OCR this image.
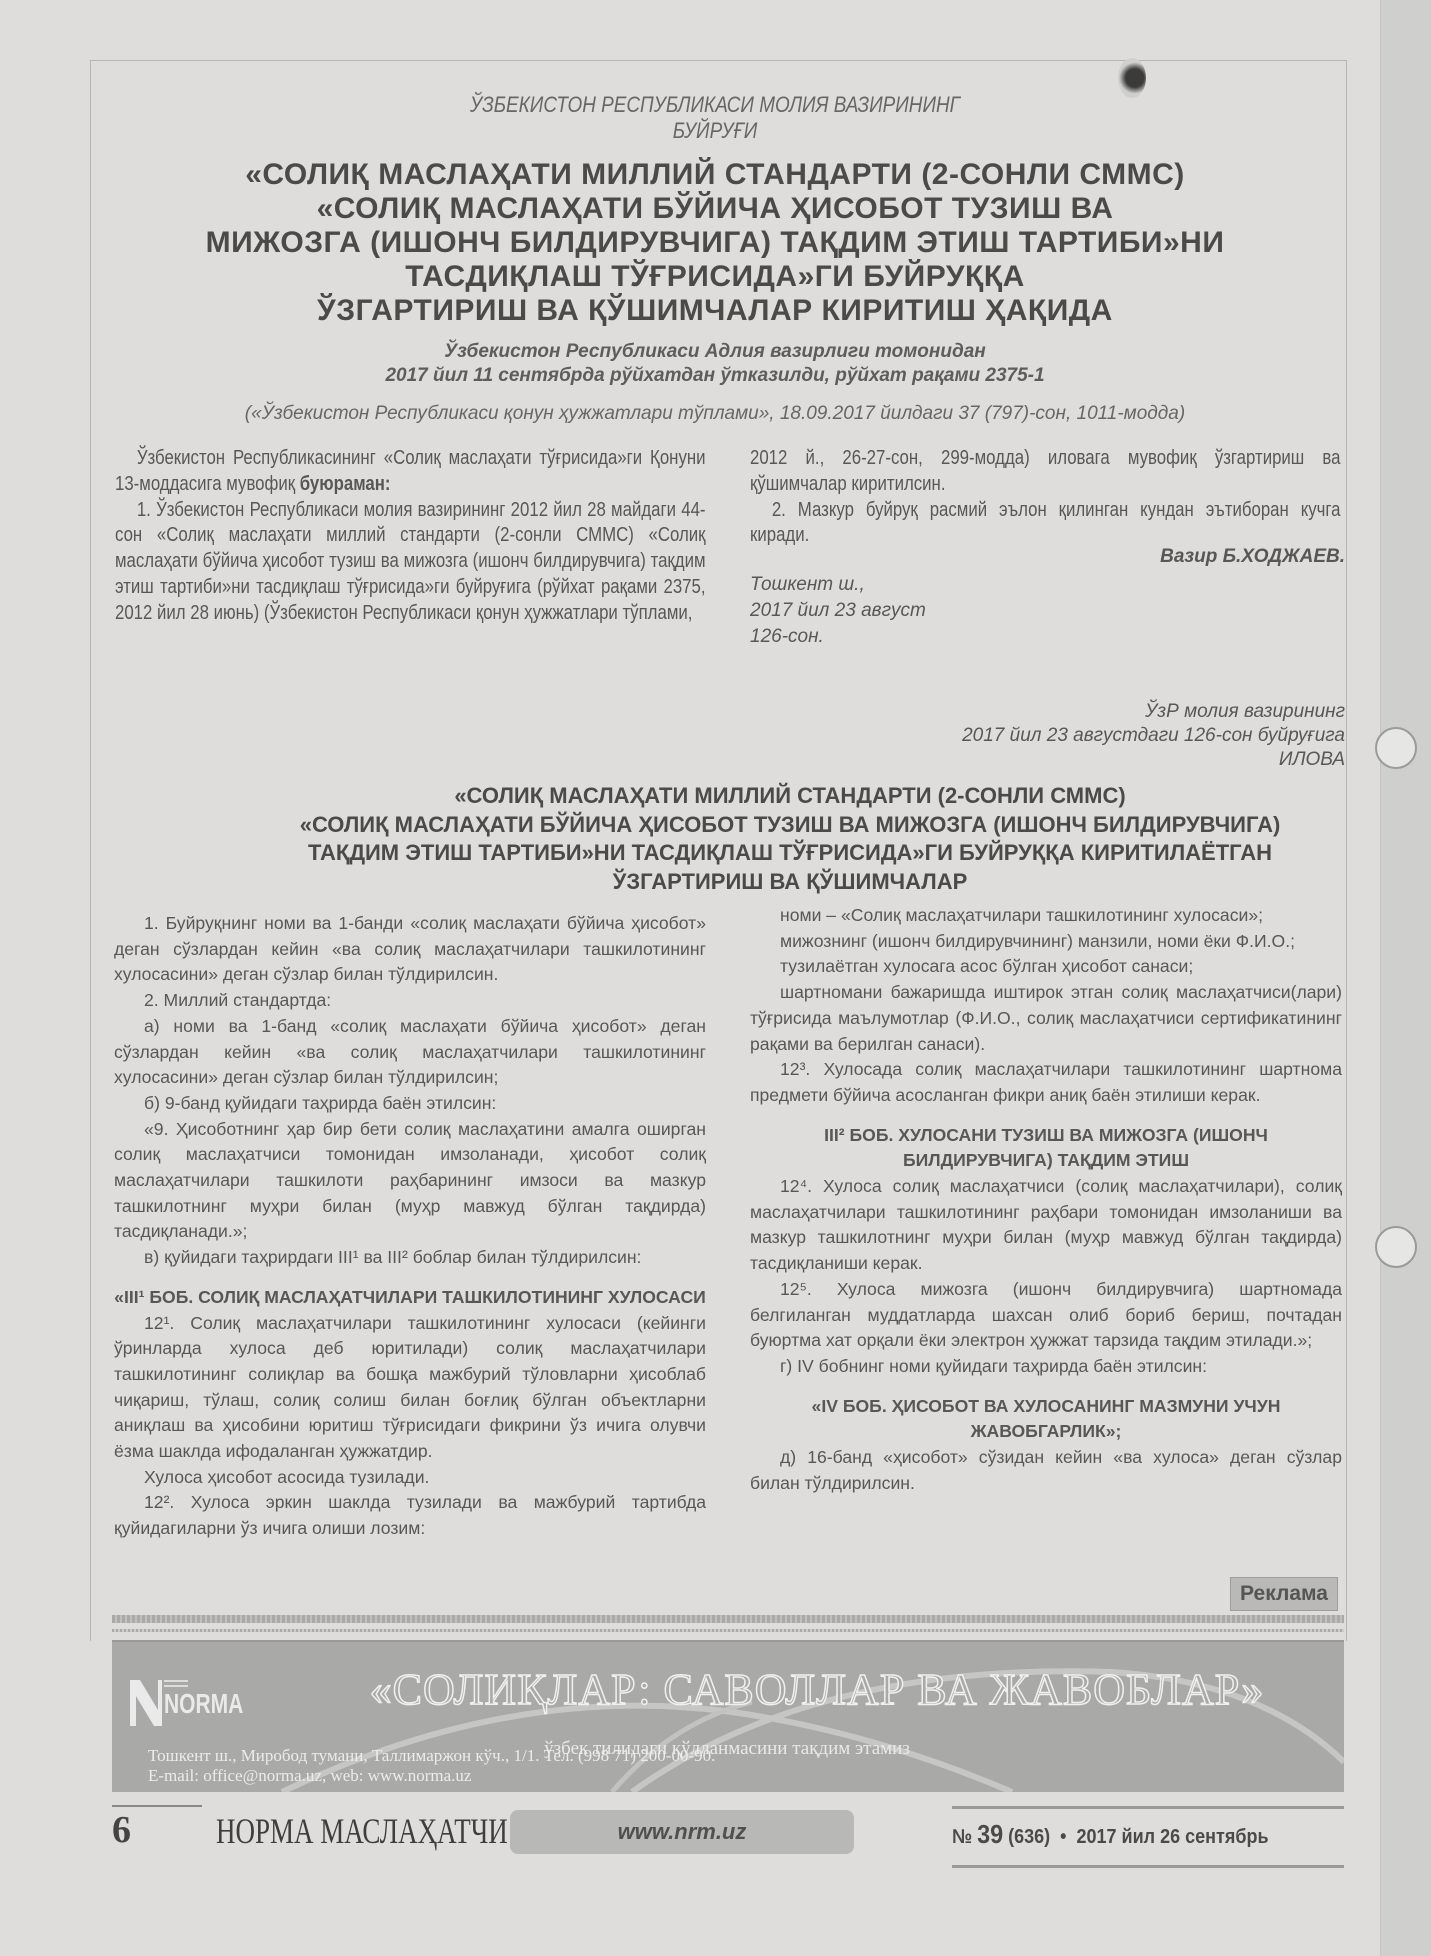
ЎЗБЕКИСТОН РЕСПУБЛИКАСИ МОЛИЯ ВАЗИРИНИНГ
БУЙРУҒИ
«СОЛИҚ МАСЛАҲАТИ МИЛЛИЙ СТАНДАРТИ (2-СОНЛИ СММС)
«СОЛИҚ МАСЛАҲАТИ БЎЙИЧА ҲИСОБОТ ТУЗИШ ВА
МИЖОЗГА (ИШОНЧ БИЛДИРУВЧИГА) ТАҚДИМ ЭТИШ ТАРТИБИ»НИ
ТАСДИҚЛАШ ТЎҒРИСИДА»ГИ БУЙРУҚҚА
ЎЗГАРТИРИШ ВА ҚЎШИМЧАЛАР КИРИТИШ ҲАҚИДА
Ўзбекистон Республикаси Адлия вазирлиги томонидан
2017 йил 11 сентябрда рўйхатдан ўтказилди, рўйхат рақами 2375-1
(«Ўзбекистон Республикаси қонун ҳужжатлари тўплами», 18.09.2017 йилдаги 37 (797)-сон, 1011-модда)

Ўзбекистон Республикасининг «Солиқ маслаҳати тўғрисида»ги Қонуни 13-моддасига мувофиқ буюраман:

1. Ўзбекистон Республикаси молия вазирининг 2012 йил 28 майдаги 44-сон «Солиқ маслаҳати миллий стандарти (2-сонли СММС) «Солиқ маслаҳати бўйича ҳисобот тузиш ва мижозга (ишонч билдирувчига) тақдим этиш тартиби»ни тасдиқлаш тўғрисида»ги буйруғига (рўйхат рақами 2375, 2012 йил 28 июнь) (Ўзбекистон Республикаси қонун ҳужжатлари тўплами,

2012 й., 26-27-сон, 299-модда) иловага мувофиқ ўзгартириш ва қўшимчалар киритилсин.

2. Мазкур буйруқ расмий эълон қилинган кундан эътиборан кучга киради.

Вазир Б.ХОДЖАЕВ.
Тошкент ш.,
2017 йил 23 август
126-сон.
ЎзР молия вазирининг
2017 йил 23 августдаги 126-сон буйруғига
ИЛОВА
«СОЛИҚ МАСЛАҲАТИ МИЛЛИЙ СТАНДАРТИ (2-СОНЛИ СММС)
«СОЛИҚ МАСЛАҲАТИ БЎЙИЧА ҲИСОБОТ ТУЗИШ ВА МИЖОЗГА (ИШОНЧ БИЛДИРУВЧИГА)
ТАҚДИМ ЭТИШ ТАРТИБИ»НИ ТАСДИҚЛАШ ТЎҒРИСИДА»ГИ БУЙРУҚҚА КИРИТИЛАЁТГАН
ЎЗГАРТИРИШ ВА ҚЎШИМЧАЛАР

1. Буйруқнинг номи ва 1-банди «солиқ маслаҳати бўйича ҳисобот» деган сўзлардан кейин «ва солиқ маслаҳатчилари ташкилотининг хулосасини» деган сўзлар билан тўлдирилсин.

2. Миллий стандартда:

а) номи ва 1-банд «солиқ маслаҳати бўйича ҳисобот» деган сўзлардан кейин «ва солиқ маслаҳатчилари ташкилотининг хулосасини» деган сўзлар билан тўлдирилсин;

б) 9-банд қуйидаги таҳрирда баён этилсин:

«9. Ҳисоботнинг ҳар бир бети солиқ маслаҳатини амалга оширган солиқ маслаҳатчиси томонидан имзоланади, ҳисобот солиқ маслаҳатчилари ташкилоти раҳбарининг имзоси ва мазкур ташкилотнинг муҳри билан (муҳр мавжуд бўлган тақдирда) тасдиқланади.»;

в) қуйидаги таҳрирдаги III¹ ва III² боблар билан тўлдирилсин:

«III¹ БОБ. СОЛИҚ МАСЛАҲАТЧИЛАРИ ТАШКИЛОТИНИНГ ХУЛОСАСИ

12¹. Солиқ маслаҳатчилари ташкилотининг хулосаси (кейинги ўринларда хулоса деб юритилади) солиқ маслаҳатчилари ташкилотининг солиқлар ва бошқа мажбурий тўловларни ҳисоблаб чиқариш, тўлаш, солиқ солиш билан боғлиқ бўлган объектларни аниқлаш ва ҳисобини юритиш тўғрисидаги фикрини ўз ичига олувчи ёзма шаклда ифодаланган ҳужжатдир.

Хулоса ҳисобот асосида тузилади.

12². Хулоса эркин шаклда тузилади ва мажбурий тартибда қуйидагиларни ўз ичига олиши лозим:

номи – «Солиқ маслаҳатчилари ташкилотининг хулосаси»;

мижознинг (ишонч билдирувчининг) манзили, номи ёки Ф.И.О.;

тузилаётган хулосага асос бўлган ҳисобот санаси;

шартномани бажаришда иштирок этган солиқ маслаҳатчиси(лари) тўғрисида маълумотлар (Ф.И.О., солиқ маслаҳатчиси сертификатининг рақами ва берилган санаси).

12³. Хулосада солиқ маслаҳатчилари ташкилотининг шартнома предмети бўйича асосланган фикри аниқ баён этилиши керак.

III² БОБ. ХУЛОСАНИ ТУЗИШ ВА МИЖОЗГА (ИШОНЧ БИЛДИРУВЧИГА) ТАҚДИМ ЭТИШ

12⁴. Хулоса солиқ маслаҳатчиси (солиқ маслаҳатчилари), солиқ маслаҳатчилари ташкилотининг раҳбари томонидан имзоланиши ва мазкур ташкилотнинг муҳри билан (муҳр мавжуд бўлган тақдирда) тасдиқланиши керак.

12⁵. Хулоса мижозга (ишонч билдирувчига) шартномада белгиланган муддатларда шахсан олиб бориб бериш, почтадан буюртма хат орқали ёки электрон ҳужжат тарзида тақдим этилади.»;

г) IV бобнинг номи қуйидаги таҳрирда баён этилсин:

«IV БОБ. ҲИСОБОТ ВА ХУЛОСАНИНГ МАЗМУНИ УЧУН ЖАВОБГАРЛИК»;

д) 16-банд «ҳисобот» сўзидан кейин «ва хулоса» деган сўзлар билан тўлдирилсин.

Реклама
NORMA	«СОЛИҚЛАР: САВОЛЛАР ВА ЖАВОБЛАР»
ўзбек тилидаги қўлланмасини тақдим этамиз
Тошкент ш., Миробод тумани, Таллимаржон кўч., 1/1. Тел. (998 71) 200-00-90.
E-mail: office@norma.uz, web: www.norma.uz
6 НОРМА МАСЛАҲАТЧИ	www.nrm.uz	№ 39 (636) • 2017 йил 26 сентябрь
